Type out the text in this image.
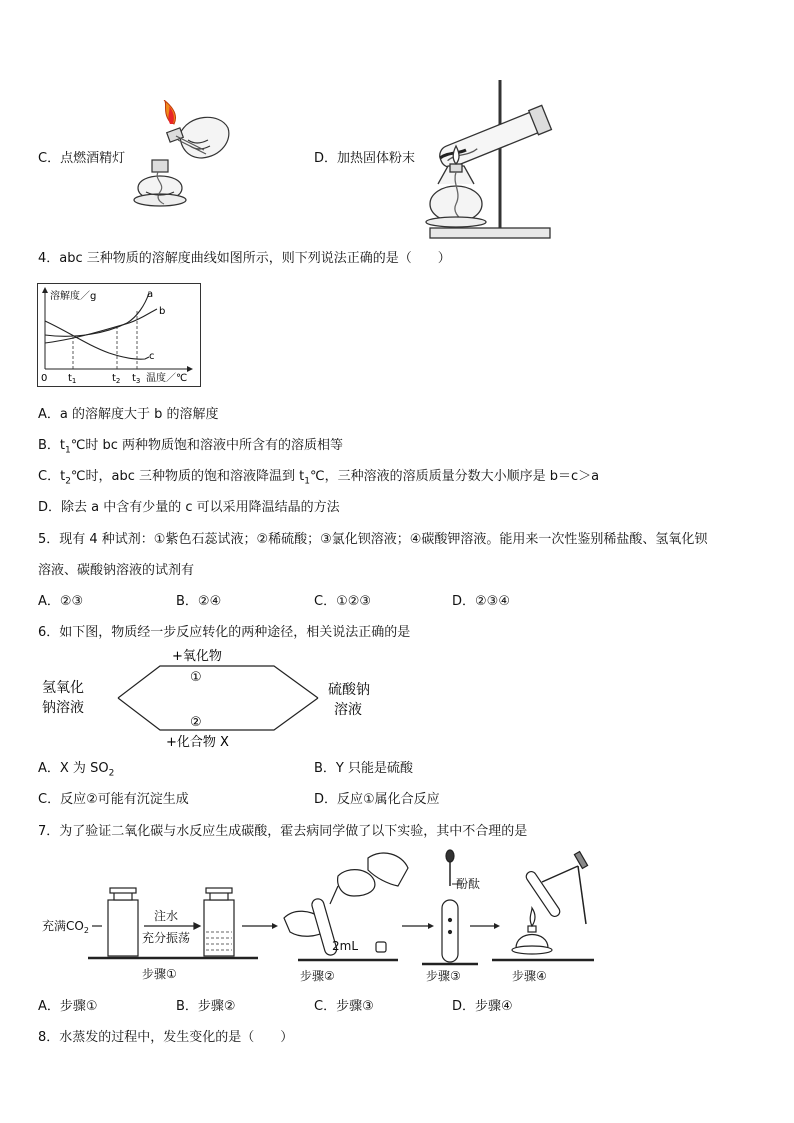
C．点燃酒精灯	D．加热固体粉末
4．abc 三种物质的溶解度曲线如图所示，则下列说法正确的是（　　）
溶解度／g	a
b
c
0 $t_1$	$t_2$ $t_3$ 温度／℃
A．a 的溶解度大于 b 的溶解度
B．$t_1℃$时 bc 两种物质饱和溶液中所含有的溶质相等
C．$t_2℃$时，abc 三种物质的饱和溶液降温到 $t_1℃$，三种溶液的溶质质量分数大小顺序是 b＝c＞a
D．除去 a 中含有少量的 c 可以采用降温结晶的方法
5．现有 4 种试剂：①紫色石蕊试液；②稀硫酸；③氯化钡溶液；④碳酸钾溶液。能用来一次性鉴别稀盐酸、氢氧化钡
溶液、碳酸钠溶液的试剂有
A．②③	B．②④	C．①②③	D．②③④
6．如下图，物质经一步反应转化的两种途径，相关说法正确的是
氢氧化
钠溶液
硫酸钠
溶液
+氧化物
①
②
+化合物 X
A．X 为 $SO_2$	B．Y 只能是硫酸
C．反应②可能有沉淀生成	D．反应①属化合反应
7．为了验证二氧化碳与水反应生成碳酸，霍去病同学做了以下实验，其中不合理的是
充满$CO_2$
注水
充分振荡
步骤①
2mL
步骤②
酚酞
步骤③	步骤④
A．步骤①	B．步骤②	C．步骤③	D．步骤④
8．水蒸发的过程中，发生变化的是（　　）
